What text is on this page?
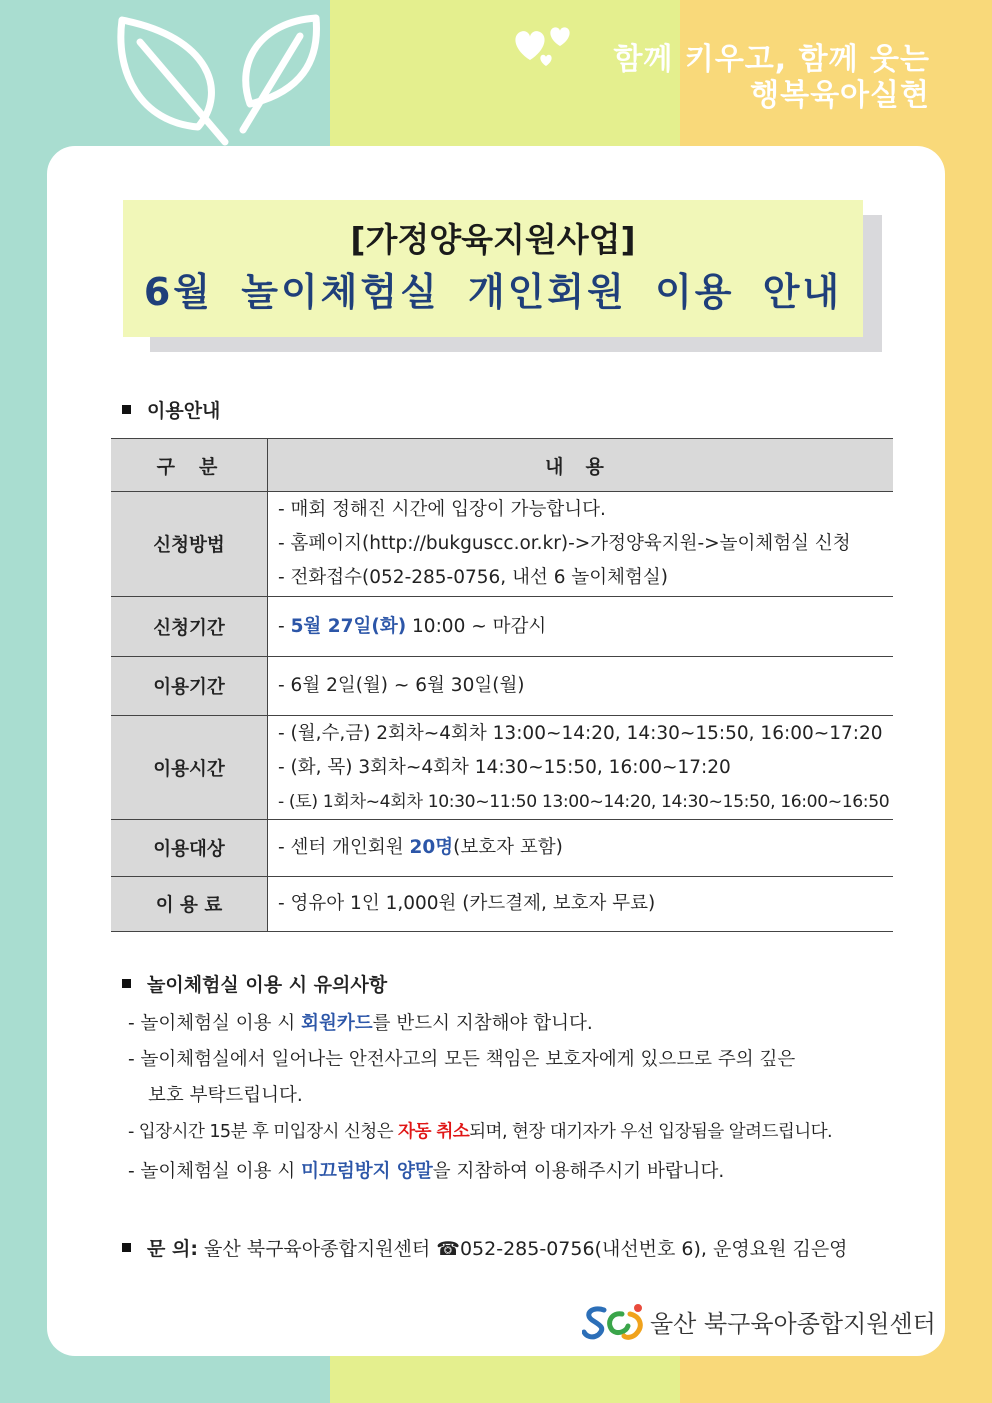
함께 키우고, 함께 웃는
행복육아실현
[가정양육지원사업]
6월 놀이체험실 개인회원 이용 안내
이용안내
구분	내용
신청방법	- 매회 정해진 시간에 입장이 가능합니다.
- 홈페이지(http://bukguscc.or.kr)->가정양육지원->놀이체험실 신청
- 전화접수(052-285-0756, 내선 6 놀이체험실)

신청기간	- 5월 27일(화) 10:00 ~ 마감시
이용기간	- 6월 2일(월) ~ 6월 30일(월)

이용시간	- (월,수,금) 2회차~4회차 13:00~14:20, 14:30~15:50, 16:00~17:20
- (화, 목) 3회차~4회차 14:30~15:50, 16:00~17:20
- (토) 1회차~4회차 10:30~11:50 13:00~14:20, 14:30~15:50, 16:00~16:50

이용대상	- 센터 개인회원 20명(보호자 포함)
이 용 료	- 영유아 1인 1,000원 (카드결제, 보호자 무료)
놀이체험실 이용 시 유의사항
- 놀이체험실 이용 시 회원카드를 반드시 지참해야 합니다.
- 놀이체험실에서 일어나는 안전사고의 모든 책임은 보호자에게 있으므로 주의 깊은
보호 부탁드립니다.
- 입장시간 15분 후 미입장시 신청은 자동 취소되며, 현장 대기자가 우선 입장됨을 알려드립니다.
- 놀이체험실 이용 시 미끄럼방지 양말을 지참하여 이용해주시기 바랍니다.
문 의: 울산 북구육아종합지원센터 ☎052-285-0756(내선번호 6), 운영요원 김은영
울산 북구육아종합지원센터
